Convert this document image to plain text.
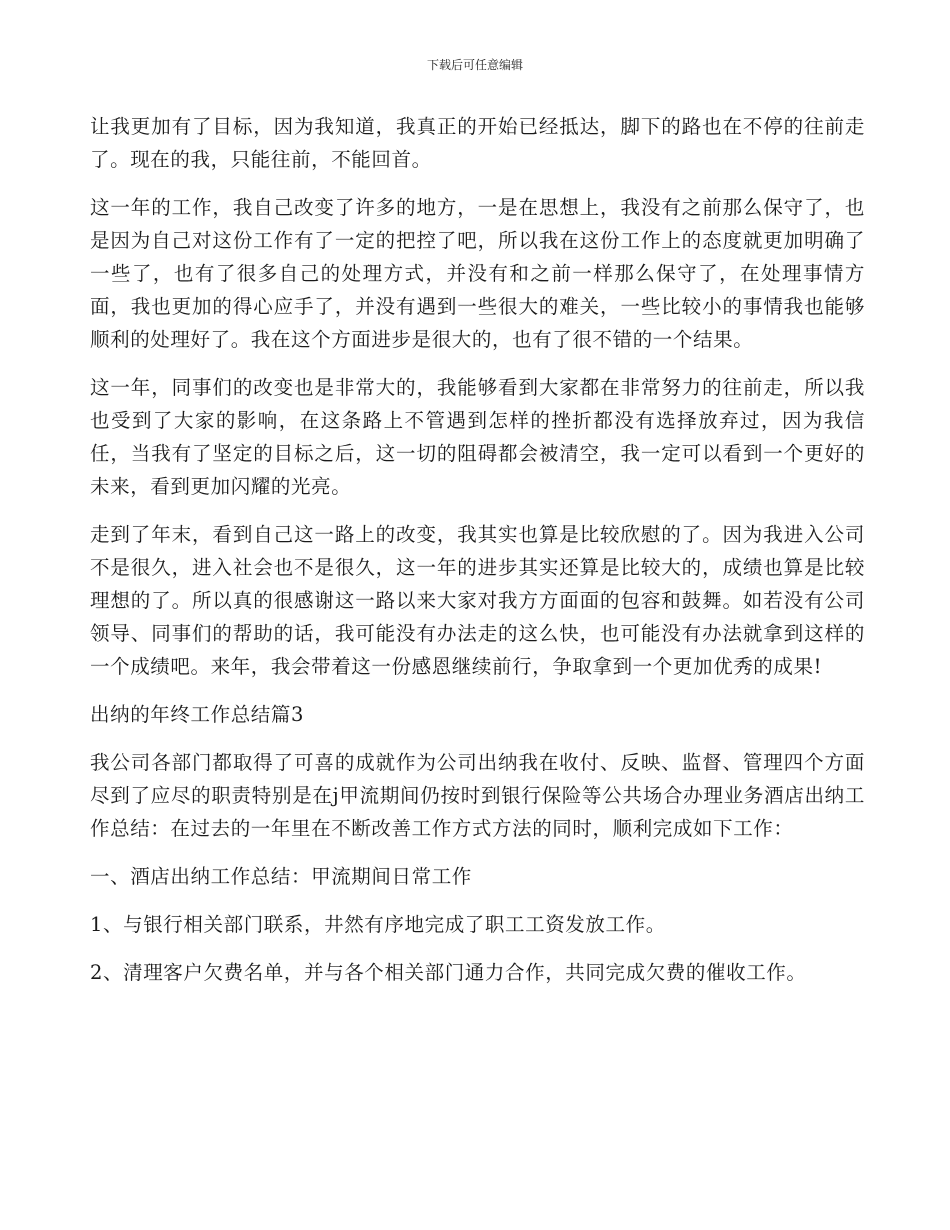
下载后可任意编辑

让我更加有了目标，因为我知道，我真正的开始已经抵达，脚下的路也在不停的往前走了。现在的我，只能往前，不能回首。

这一年的工作，我自己改变了许多的地方，一是在思想上，我没有之前那么保守了，也是因为自己对这份工作有了一定的把控了吧，所以我在这份工作上的态度就更加明确了一些了，也有了很多自己的处理方式，并没有和之前一样那么保守了，在处理事情方面，我也更加的得心应手了，并没有遇到一些很大的难关，一些比较小的事情我也能够顺利的处理好了。我在这个方面进步是很大的，也有了很不错的一个结果。

这一年，同事们的改变也是非常大的，我能够看到大家都在非常努力的往前走，所以我也受到了大家的影响，在这条路上不管遇到怎样的挫折都没有选择放弃过，因为我信任，当我有了坚定的目标之后，这一切的阻碍都会被清空，我一定可以看到一个更好的未来，看到更加闪耀的光亮。

走到了年末，看到自己这一路上的改变，我其实也算是比较欣慰的了。因为我进入公司不是很久，进入社会也不是很久，这一年的进步其实还算是比较大的，成绩也算是比较理想的了。所以真的很感谢这一路以来大家对我方方面面的包容和鼓舞。如若没有公司领导、同事们的帮助的话，我可能没有办法走的这么快，也可能没有办法就拿到这样的一个成绩吧。来年，我会带着这一份感恩继续前行，争取拿到一个更加优秀的成果!

出纳的年终工作总结篇3

我公司各部门都取得了可喜的成就作为公司出纳我在收付、反映、监督、管理四个方面尽到了应尽的职责特别是在j甲流期间仍按时到银行保险等公共场合办理业务酒店出纳工作总结：在过去的一年里在不断改善工作方式方法的同时，顺利完成如下工作：

一、酒店出纳工作总结：甲流期间日常工作

1、与银行相关部门联系，井然有序地完成了职工工资发放工作。

2、清理客户欠费名单，并与各个相关部门通力合作，共同完成欠费的催收工作。
